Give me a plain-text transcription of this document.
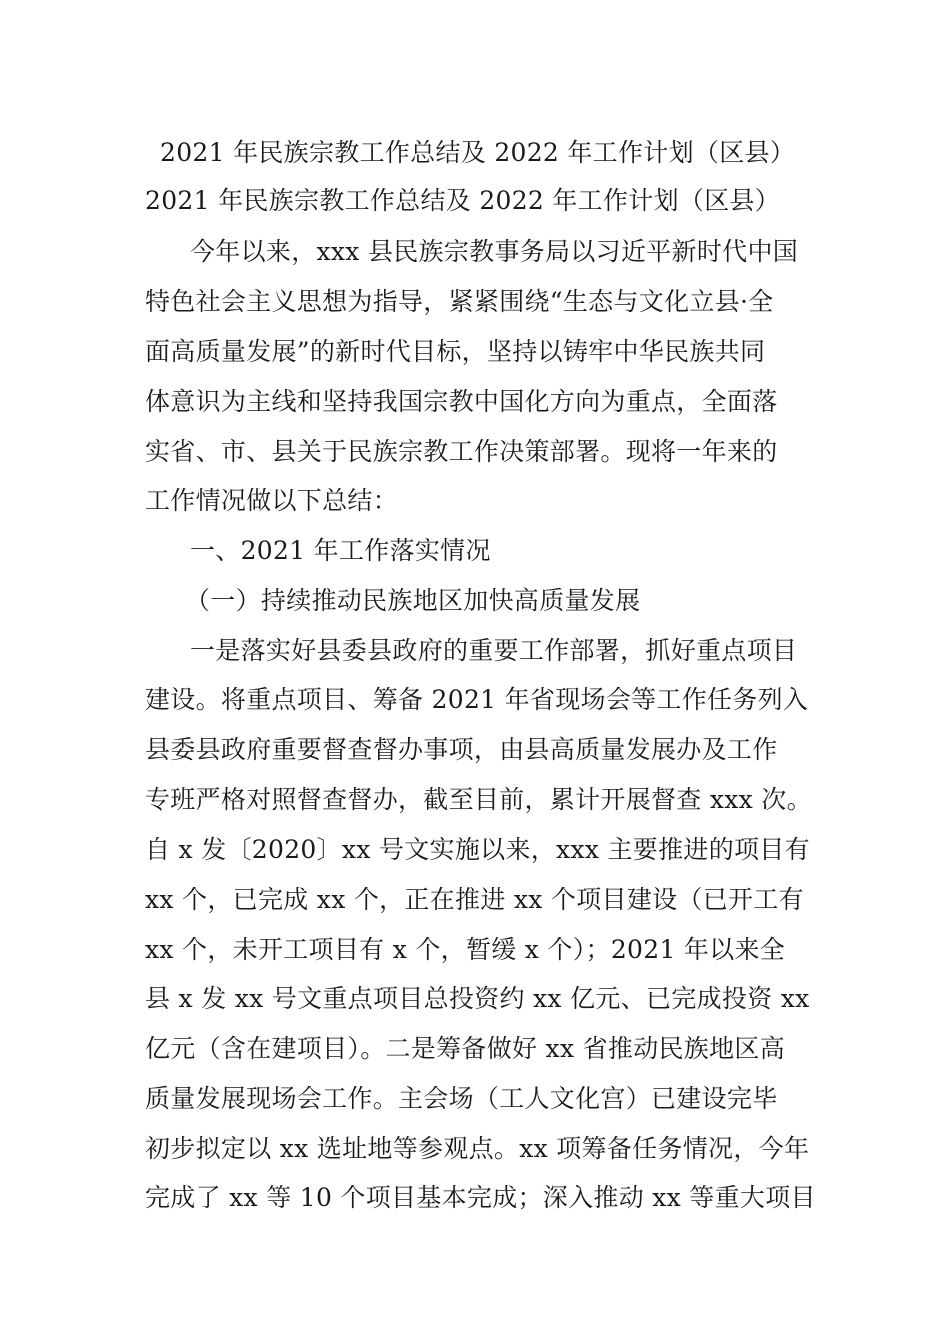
2021 年民族宗教工作总结及 2022 年工作计划（区县）
2021 年民族宗教工作总结及 2022 年工作计划（区县）
今年以来，xxx 县民族宗教事务局以习近平新时代中国
特色社会主义思想为指导，紧紧围绕“生态与文化立县·全
面高质量发展”的新时代目标，坚持以铸牢中华民族共同
体意识为主线和坚持我国宗教中国化方向为重点，全面落
实省、市、县关于民族宗教工作决策部署。现将一年来的
工作情况做以下总结：
一、2021 年工作落实情况
（一）持续推动民族地区加快高质量发展
一是落实好县委县政府的重要工作部署，抓好重点项目
建设。将重点项目、筹备 2021 年省现场会等工作任务列入
县委县政府重要督查督办事项，由县高质量发展办及工作
专班严格对照督查督办，截至目前，累计开展督查 xxx 次。
自 x 发〔2020〕xx 号文实施以来，xxx 主要推进的项目有
xx 个，已完成 xx 个，正在推进 xx 个项目建设（已开工有
xx 个，未开工项目有 x 个，暂缓 x 个）；2021 年以来全
县 x 发 xx 号文重点项目总投资约 xx 亿元、已完成投资 xx
亿元（含在建项目）。二是筹备做好 xx 省推动民族地区高
质量发展现场会工作。主会场（工人文化宫）已建设完毕
初步拟定以 xx 选址地等参观点。xx 项筹备任务情况，今年
完成了 xx 等 10 个项目基本完成；深入推动 xx 等重大项目
